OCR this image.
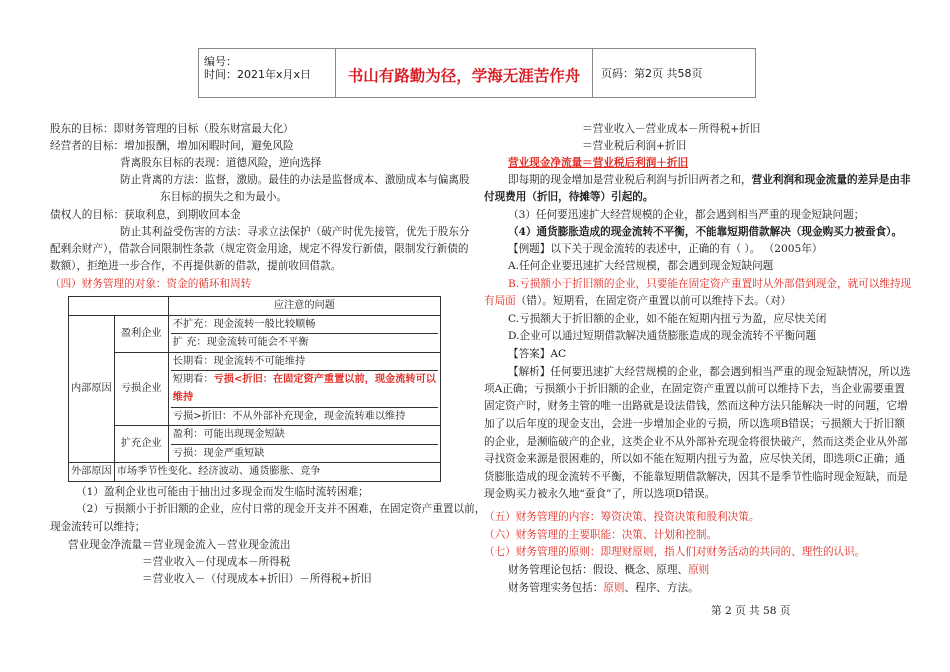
编号：
时间：2021年x月x日	书山有路勤为径，学海无涯苦作舟	页码：第2页 共58页
股东的目标：即财务管理的目标（股东财富最大化）
经营者的目标：增加报酬，增加闲暇时间，避免风险
背离股东目标的表现：道德风险，逆向选择
防止背离的方法：监督，激励。最佳的办法是监督成本、激励成本与偏离股
东目标的损失之和为最小。
债权人的目标：获取利息，到期收回本金
防止其利益受伤害的方法：寻求立法保护（破产时优先接管，优先于股东分
配剩余财产），借款合同限制性条款（规定资金用途，规定不得发行新债，限制发行新债的
数额），拒绝进一步合作，不再提供新的借款，提前收回借款。
（四）财务管理的对象：资金的循环和周转
		应注意的问题
内部原因	盈利企业	不扩充：现金流转一般比较顺畅
扩 充：现金流转可能会不平衡

	亏损企业	长期看：现金流转不可能维持
短期看：亏损<折旧：在固定资产重置以前，现金流转可以
维持
亏损>折旧：不从外部补充现金，现金流转难以维持

	扩充企业	盈利：可能出现现金短缺
亏损：现金严重短缺

外部原因	市场季节性变化、经济波动、通货膨胀、竞争	
（1）盈利企业也可能由于抽出过多现金而发生临时流转困难；
（2）亏损额小于折旧额的企业，应付日常的现金开支并不困难，在固定资产重置以前，
现金流转可以维持；
营业现金净流量＝营业现金流入－营业现金流出
＝营业收入－付现成本－所得税
＝营业收入－（付现成本+折旧）－所得税+折旧
＝营业收入－营业成本－所得税+折旧
＝营业税后利润+折旧
营业现金净流量＝营业税后利润＋折旧
即每期的现金增加是营业税后利润与折旧两者之和，营业利润和现金流量的差异是由非
付现费用（折旧，待摊等）引起的。
（3）任何要迅速扩大经营规模的企业，都会遇到相当严重的现金短缺问题；
（4）通货膨胀造成的现金流转不平衡，不能靠短期借款解决（现金购买力被蚕食）。
【例题】以下关于现金流转的表述中，正确的有（ ）。 （2005年）
A.任何企业要迅速扩大经营规模，都会遇到现金短缺问题
B.亏损额小于折旧额的企业，只要能在固定资产重置时从外部借到现金，就可以维持现
有局面（错）。短期看，在固定资产重置以前可以维持下去。（对）
C.亏损额大于折旧额的企业，如不能在短期内扭亏为盈，应尽快关闭
D.企业可以通过短期借款解决通货膨胀造成的现金流转不平衡问题
【答案】AC
【解析】任何要迅速扩大经营规模的企业，都会遇到相当严重的现金短缺情况，所以选
项A正确；亏损额小于折旧额的企业，在固定资产重置以前可以维持下去，当企业需要重置
固定资产时，财务主管的唯一出路就是设法借钱，然而这种方法只能解决一时的问题，它增
加了以后年度的现金支出，会进一步增加企业的亏损，所以选项B错误；亏损额大于折旧额
的企业，是濒临破产的企业，这类企业不从外部补充现金将很快破产，然而这类企业从外部
寻找资金来源是很困难的，所以如不能在短期内扭亏为盈，应尽快关闭，即选项C正确；通
货膨胀造成的现金流转不平衡，不能靠短期借款解决，因其不是季节性临时现金短缺，而是
现金购买力被永久地“蚕食”了，所以选项D错误。
（五）财务管理的内容：筹资决策、投资决策和股利决策。
（六）财务管理的主要职能：决策、计划和控制。
（七）财务管理的原则：即理财原则，指人们对财务活动的共同的、理性的认识。
财务管理论包括：假设、概念、原理、原则
财务管理实务包括：原则、程序、方法。
第 2 页 共 58 页
